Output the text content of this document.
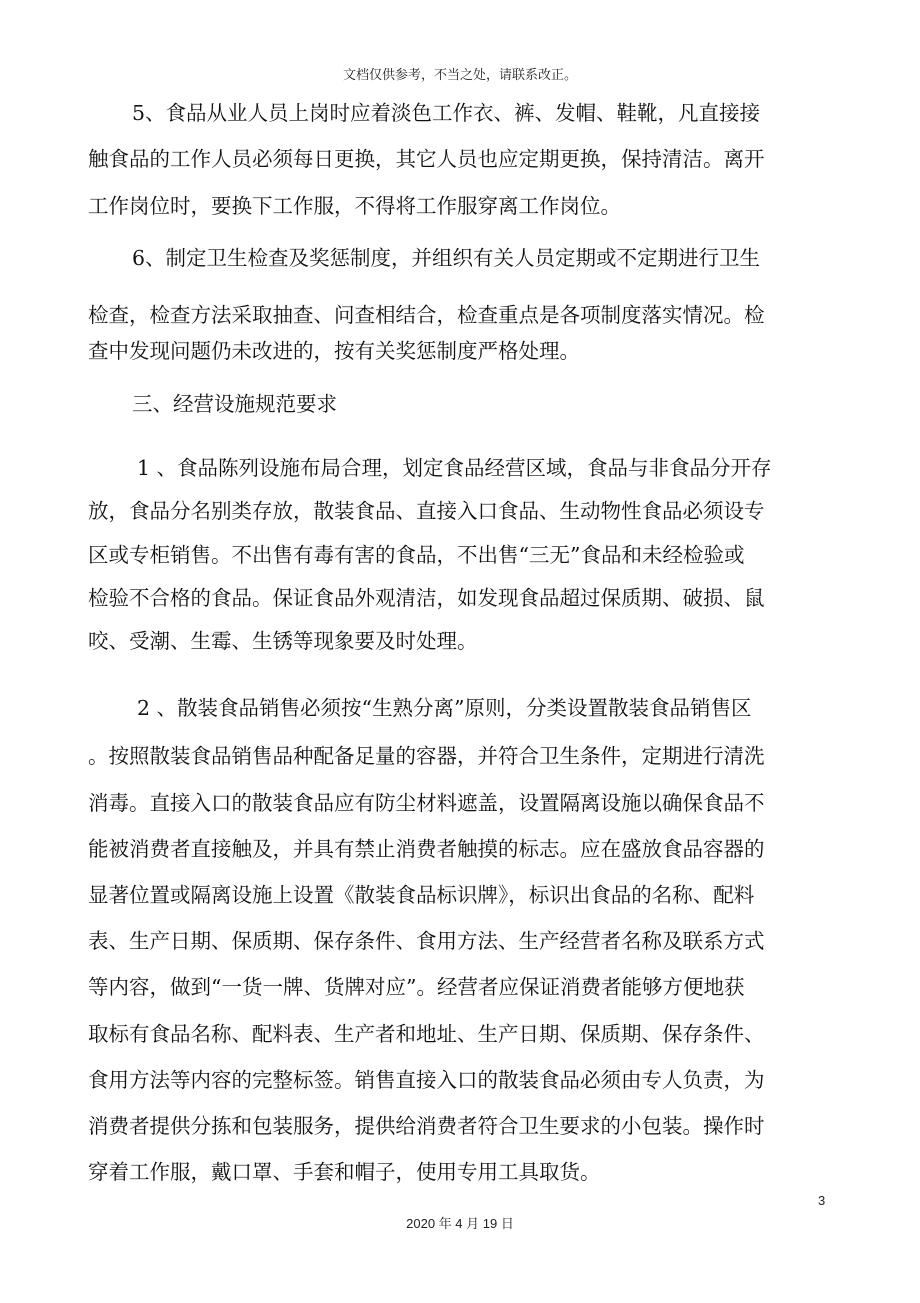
文档仅供参考，不当之处，请联系改正。
5、食品从业人员上岗时应着淡色工作衣、裤、发帽、鞋靴，凡直接接
触食品的工作人员必须每日更换，其它人员也应定期更换，保持清洁。离开
工作岗位时，要换下工作服，不得将工作服穿离工作岗位。
6、制定卫生检查及奖惩制度，并组织有关人员定期或不定期进行卫生
检查，检查方法采取抽查、问查相结合，检查重点是各项制度落实情况。检
查中发现问题仍未改进的，按有关奖惩制度严格处理。
三、经营设施规范要求
1 、食品陈列设施布局合理，划定食品经营区域，食品与非食品分开存
放，食品分名别类存放，散装食品、直接入口食品、生动物性食品必须设专
区或专柜销售。不出售有毒有害的食品，不出售“三无”食品和未经检验或
检验不合格的食品。保证食品外观清洁，如发现食品超过保质期、破损、鼠
咬、受潮、生霉、生锈等现象要及时处理。
2 、散装食品销售必须按“生熟分离”原则，分类设置散装食品销售区
。按照散装食品销售品种配备足量的容器，并符合卫生条件，定期进行清洗
消毒。直接入口的散装食品应有防尘材料遮盖，设置隔离设施以确保食品不
能被消费者直接触及，并具有禁止消费者触摸的标志。应在盛放食品容器的
显著位置或隔离设施上设置《散装食品标识牌》，标识出食品的名称、配料
表、生产日期、保质期、保存条件、食用方法、生产经营者名称及联系方式
等内容，做到“一货一牌、货牌对应”。经营者应保证消费者能够方便地获
取标有食品名称、配料表、生产者和地址、生产日期、保质期、保存条件、
食用方法等内容的完整标签。销售直接入口的散装食品必须由专人负责，为
消费者提供分拣和包装服务，提供给消费者符合卫生要求的小包装。操作时
穿着工作服，戴口罩、手套和帽子，使用专用工具取货。
3
2020 年 4 月 19 日
